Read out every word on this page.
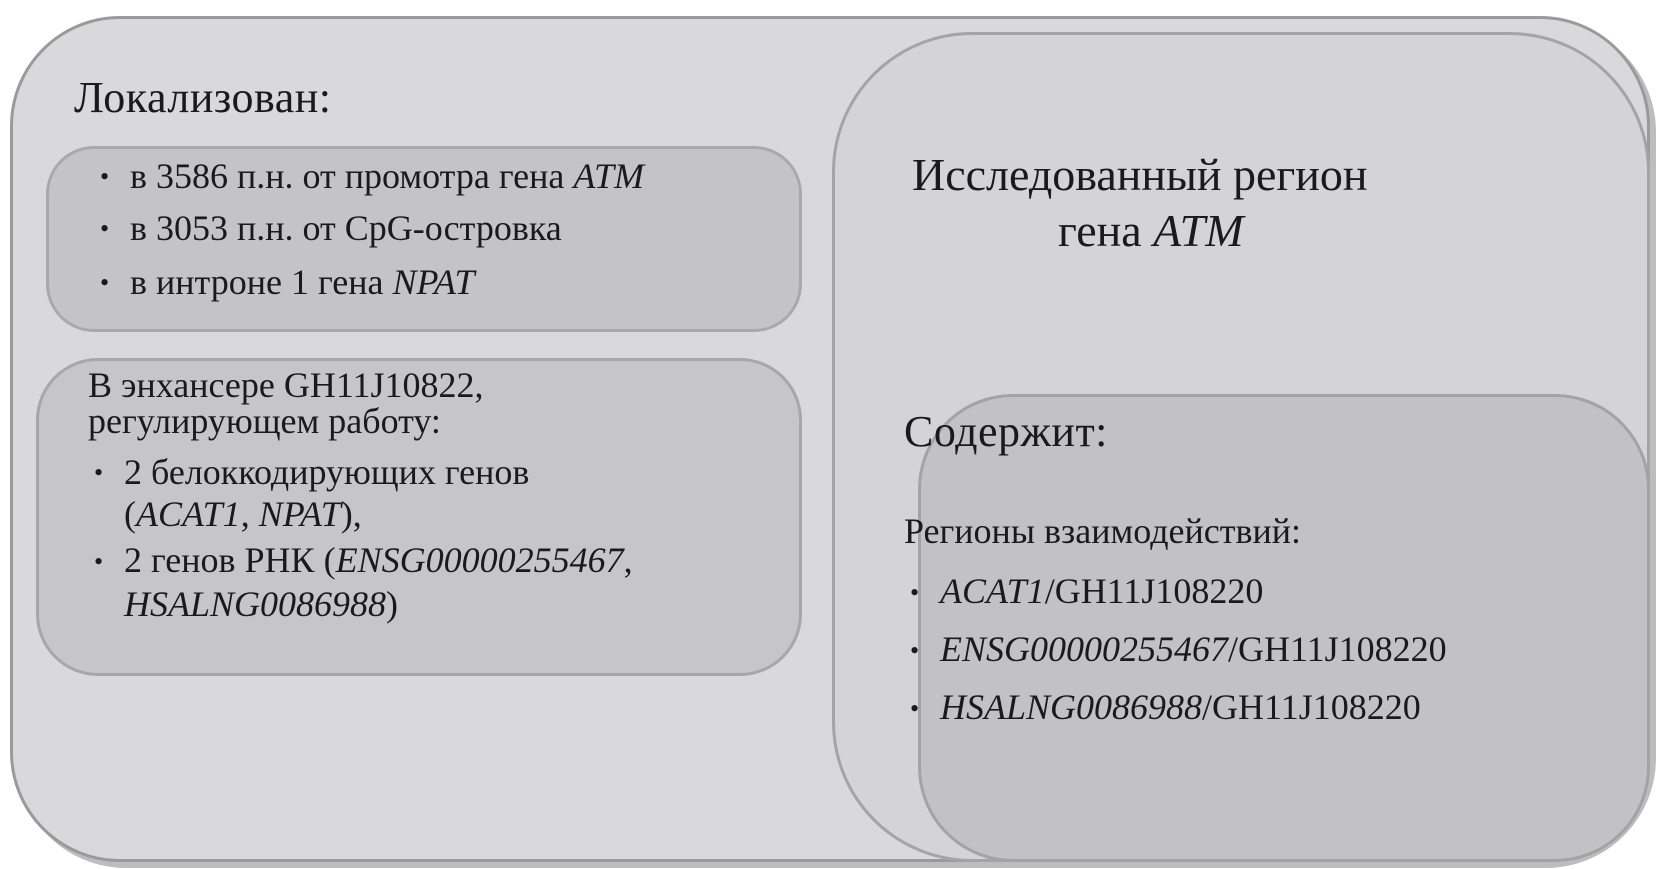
Локализован:
• в 3586 п.н. от промотра гена ATM
• в 3053 п.н. от CpG-островка
• в интроне 1 гена NPAT
В энхансере GH11J10822,
регулирующем работу:
• 2 белоккодирующих генов
(ACAT1, NPAT),
• 2 генов РНК (ENSG00000255467,
HSALNG0086988)
Исследованный регион
гена ATM
Содержит:
Регионы взаимодействий:
• ACAT1/GH11J108220
• ENSG00000255467/GH11J108220
• HSALNG0086988/GH11J108220
